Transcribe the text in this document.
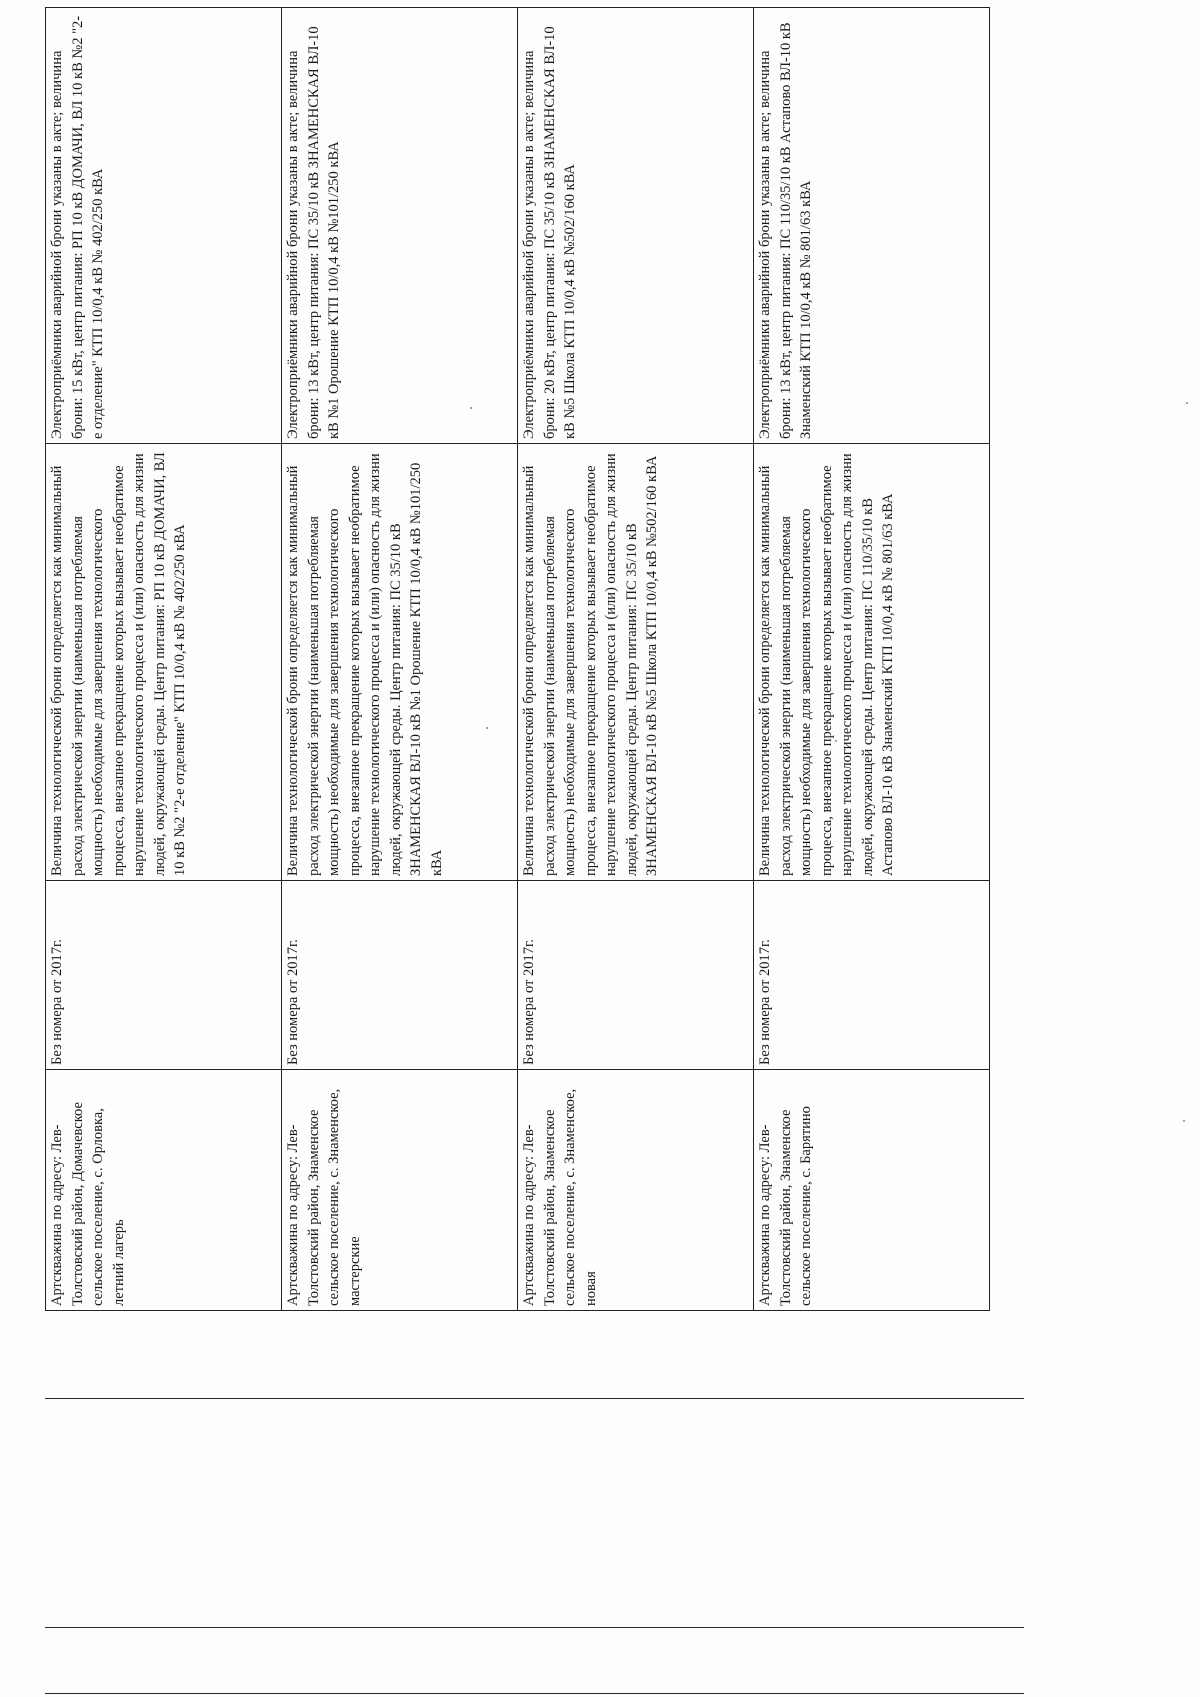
Артскважина по адресу: Лев-Толстовский район, Домачевское сельское поселение, с. Орловка, летний лагерь	Без номера от 2017г.	Величина технологической брони определяется как минимальный расход электрической энергии (наименьшая потребляемая мощность) необходимые для завершения технологического процесса, внезапное прекращение которых вызывает необратимое нарушение технологического процесса и (или) опасность для жизни людей, окружающей среды. Центр питания: РП 10 кВ ДОМАЧИ, ВЛ 10 кВ №2 "2-е отделение" КТП 10/0,4 кВ № 402/250 кВА	Электроприёмники аварийной брони указаны в акте; величина брони: 15 кВт, центр питания: РП 10 кВ ДОМАЧИ, ВЛ 10 кВ №2 "2-е отделение" КТП 10/0,4 кВ № 402/250 кВА

Артскважина по адресу: Лев-Толстовский район, Знаменское сельское поселение, с. Знаменское, мастерские	Без номера от 2017г.	Величина технологической брони определяется как минимальный расход электрической энергии (наименьшая потребляемая мощность) необходимые для завершения технологического процесса, внезапное прекращение которых вызывает необратимое нарушение технологического процесса и (или) опасность для жизни людей, окружающей среды. Центр питания: ПС 35/10 кВ ЗНАМЕНСКАЯ ВЛ-10 кВ №1 Орошение КТП 10/0,4 кВ №101/250 кВА	Электроприёмники аварийной брони указаны в акте; величина брони: 13 кВт, центр питания: ПС 35/10 кВ ЗНАМЕНСКАЯ ВЛ-10 кВ №1 Орошение КТП 10/0,4 кВ №101/250 кВА

Артскважина по адресу: Лев-Толстовский район, Знаменское сельское поселение, с. Знаменское, новая	Без номера от 2017г.	Величина технологической брони определяется как минимальный расход электрической энергии (наименьшая потребляемая мощность) необходимые для завершения технологического процесса, внезапное прекращение которых вызывает необратимое нарушение технологического процесса и (или) опасность для жизни людей, окружающей среды. Центр питания: ПС 35/10 кВ ЗНАМЕНСКАЯ ВЛ-10 кВ №5 Школа КТП 10/0,4 кВ №502/160 кВА	Электроприёмники аварийной брони указаны в акте; величина брони: 20 кВт, центр питания: ПС 35/10 кВ ЗНАМЕНСКАЯ ВЛ-10 кВ №5 Школа КТП 10/0,4 кВ №502/160 кВА

Артскважина по адресу: Лев-Толстовский район, Знаменское сельское поселение, с. Барятино	Без номера от 2017г.	Величина технологической брони определяется как минимальный расход электрической энергии (наименьшая потребляемая мощность) необходимые для завершения технологического процесса, внезапное прекращение которых вызывает необратимое нарушение технологического процесса и (или) опасность для жизни людей, окружающей среды. Центр питания: ПС 110/35/10 кВ Астапово ВЛ-10 кВ Знаменский КТП 10/0,4 кВ № 801/63 кВА	Электроприёмники аварийной брони указаны в акте; величина брони: 13 кВт, центр питания: ПС 110/35/10 кВ Астапово ВЛ-10 кВ Знаменский КТП 10/0,4 кВ № 801/63 кВА
